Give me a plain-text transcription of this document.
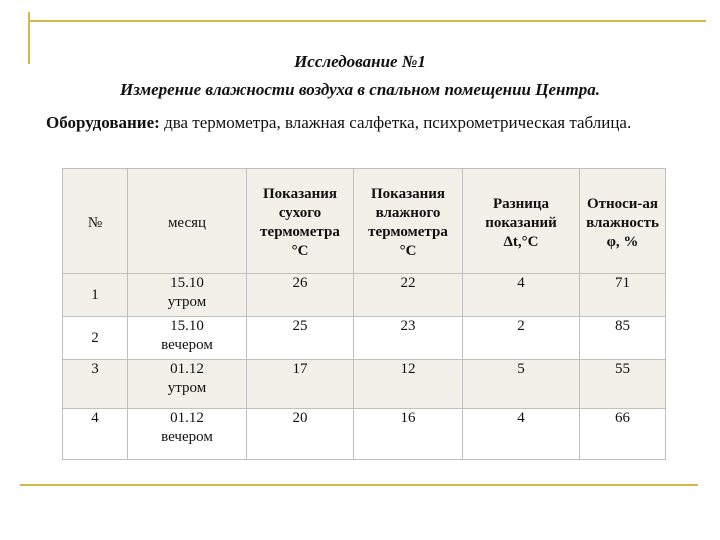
Исследование №1
Измерение влажности воздуха в спальном помещении Центра.
Оборудование: два термометра, влажная салфетка, психрометрическая таблица.
№	месяц	Показания
сухого
термометра
°С	Показания
влажного
термометра
°С	Разница
показаний
Δt,°С	Относи-ая
влажность
φ, %
1	15.10
утром	26	22	4	71
2	15.10
вечером	25	23	2	85
3	01.12
утром	17	12	5	55
4	01.12
вечером	20	16	4	66
